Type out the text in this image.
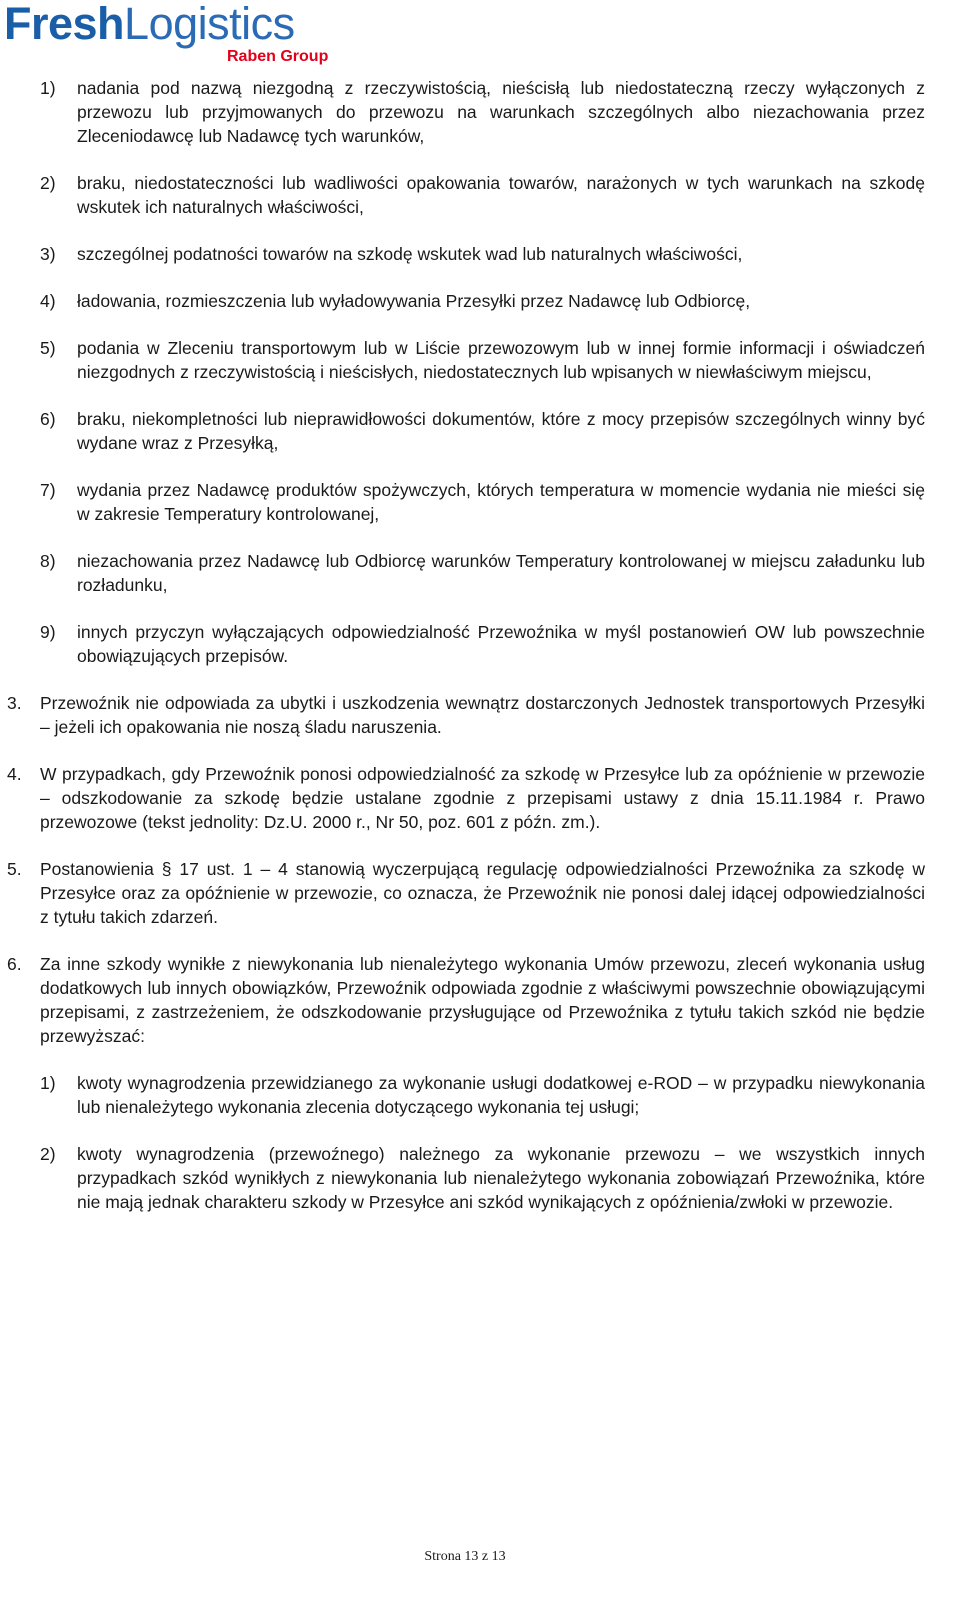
FreshLogistics
Raben Group
1)	nadania pod nazwą niezgodną z rzeczywistością, nieścisłą lub niedostateczną rzeczy wyłączonych z przewozu lub przyjmowanych do przewozu na warunkach szczególnych albo niezachowania przez Zleceniodawcę lub Nadawcę tych warunków,
2)	braku, niedostateczności lub wadliwości opakowania towarów, narażonych w tych warunkach na szkodę wskutek ich naturalnych właściwości,
3)	szczególnej podatności towarów na szkodę wskutek wad lub naturalnych właściwości,
4)	ładowania, rozmieszczenia lub wyładowywania Przesyłki przez Nadawcę lub Odbiorcę,
5)	podania w Zleceniu transportowym lub w Liście przewozowym lub w innej formie informacji i oświadczeń niezgodnych z rzeczywistością i nieścisłych, niedostatecznych lub wpisanych w niewłaściwym miejscu,
6)	braku, niekompletności lub nieprawidłowości dokumentów, które z mocy przepisów szczególnych winny być wydane wraz z Przesyłką,
7)	wydania przez Nadawcę produktów spożywczych, których temperatura w momencie wydania nie mieści się w zakresie Temperatury kontrolowanej,
8)	niezachowania przez Nadawcę lub Odbiorcę warunków Temperatury kontrolowanej w miejscu załadunku lub rozładunku,
9)	innych przyczyn wyłączających odpowiedzialność Przewoźnika w myśl postanowień OW lub powszechnie obowiązujących przepisów.
3.	Przewoźnik nie odpowiada za ubytki i uszkodzenia wewnątrz dostarczonych Jednostek transportowych Przesyłki – jeżeli ich opakowania nie noszą śladu naruszenia.
4.	W przypadkach, gdy Przewoźnik ponosi odpowiedzialność za szkodę w Przesyłce lub za opóźnienie w przewozie – odszkodowanie za szkodę będzie ustalane zgodnie z przepisami ustawy z dnia 15.11.1984 r. Prawo przewozowe (tekst jednolity: Dz.U. 2000 r., Nr 50, poz. 601 z późn. zm.).
5.	Postanowienia § 17 ust. 1 – 4 stanowią wyczerpującą regulację odpowiedzialności Przewoźnika za szkodę w Przesyłce oraz za opóźnienie w przewozie, co oznacza, że Przewoźnik nie ponosi dalej idącej odpowiedzialności z tytułu takich zdarzeń.
6.	Za inne szkody wynikłe z niewykonania lub nienależytego wykonania Umów przewozu, zleceń wykonania usług dodatkowych lub innych obowiązków, Przewoźnik odpowiada zgodnie z właściwymi powszechnie obowiązującymi przepisami, z zastrzeżeniem, że odszkodowanie przysługujące od Przewoźnika z tytułu takich szkód nie będzie przewyższać:
1)	kwoty wynagrodzenia przewidzianego za wykonanie usługi dodatkowej e-ROD – w przypadku niewykonania lub nienależytego wykonania zlecenia dotyczącego wykonania tej usługi;
2)	kwoty wynagrodzenia (przewoźnego) należnego za wykonanie przewozu – we wszystkich innych przypadkach szkód wynikłych z niewykonania lub nienależytego wykonania zobowiązań Przewoźnika, które nie mają jednak charakteru szkody w Przesyłce ani szkód wynikających z opóźnienia/zwłoki w przewozie.
Strona 13 z 13
